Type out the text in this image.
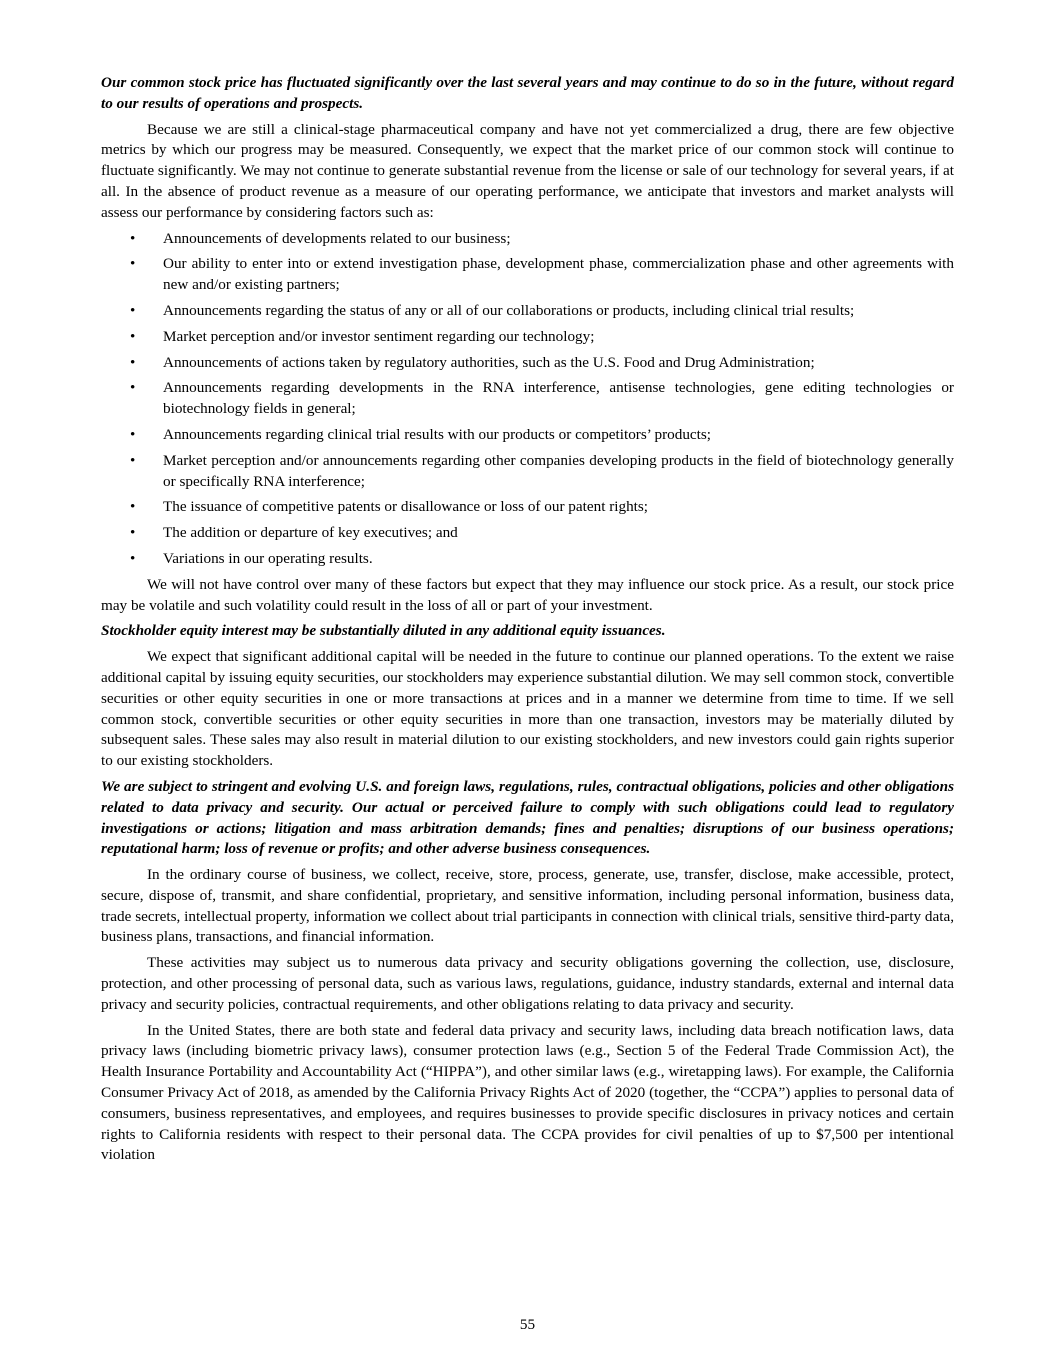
Our common stock price has fluctuated significantly over the last several years and may continue to do so in the future, without regard to our results of operations and prospects.

Because we are still a clinical-stage pharmaceutical company and have not yet commercialized a drug, there are few objective metrics by which our progress may be measured. Consequently, we expect that the market price of our common stock will continue to fluctuate significantly. We may not continue to generate substantial revenue from the license or sale of our technology for several years, if at all. In the absence of product revenue as a measure of our operating performance, we anticipate that investors and market analysts will assess our performance by considering factors such as:

• Announcements of developments related to our business;
• Our ability to enter into or extend investigation phase, development phase, commercialization phase and other agreements with new and/or existing partners;
• Announcements regarding the status of any or all of our collaborations or products, including clinical trial results;
• Market perception and/or investor sentiment regarding our technology;
• Announcements of actions taken by regulatory authorities, such as the U.S. Food and Drug Administration;
• Announcements regarding developments in the RNA interference, antisense technologies, gene editing technologies or biotechnology fields in general;
• Announcements regarding clinical trial results with our products or competitors’ products;
• Market perception and/or announcements regarding other companies developing products in the field of biotechnology generally or specifically RNA interference;
• The issuance of competitive patents or disallowance or loss of our patent rights;
• The addition or departure of key executives; and
• Variations in our operating results.

We will not have control over many of these factors but expect that they may influence our stock price. As a result, our stock price may be volatile and such volatility could result in the loss of all or part of your investment.

Stockholder equity interest may be substantially diluted in any additional equity issuances.

We expect that significant additional capital will be needed in the future to continue our planned operations. To the extent we raise additional capital by issuing equity securities, our stockholders may experience substantial dilution. We may sell common stock, convertible securities or other equity securities in one or more transactions at prices and in a manner we determine from time to time. If we sell common stock, convertible securities or other equity securities in more than one transaction, investors may be materially diluted by subsequent sales. These sales may also result in material dilution to our existing stockholders, and new investors could gain rights superior to our existing stockholders.

We are subject to stringent and evolving U.S. and foreign laws, regulations, rules, contractual obligations, policies and other obligations related to data privacy and security. Our actual or perceived failure to comply with such obligations could lead to regulatory investigations or actions; litigation and mass arbitration demands; fines and penalties; disruptions of our business operations; reputational harm; loss of revenue or profits; and other adverse business consequences.

In the ordinary course of business, we collect, receive, store, process, generate, use, transfer, disclose, make accessible, protect, secure, dispose of, transmit, and share confidential, proprietary, and sensitive information, including personal information, business data, trade secrets, intellectual property, information we collect about trial participants in connection with clinical trials, sensitive third-party data, business plans, transactions, and financial information.

These activities may subject us to numerous data privacy and security obligations governing the collection, use, disclosure, protection, and other processing of personal data, such as various laws, regulations, guidance, industry standards, external and internal data privacy and security policies, contractual requirements, and other obligations relating to data privacy and security.

In the United States, there are both state and federal data privacy and security laws, including data breach notification laws, data privacy laws (including biometric privacy laws), consumer protection laws (e.g., Section 5 of the Federal Trade Commission Act), the Health Insurance Portability and Accountability Act (“HIPPA”), and other similar laws (e.g., wiretapping laws). For example, the California Consumer Privacy Act of 2018, as amended by the California Privacy Rights Act of 2020 (together, the “CCPA”) applies to personal data of consumers, business representatives, and employees, and requires businesses to provide specific disclosures in privacy notices and certain rights to California residents with respect to their personal data. The CCPA provides for civil penalties of up to $7,500 per intentional violation

55
